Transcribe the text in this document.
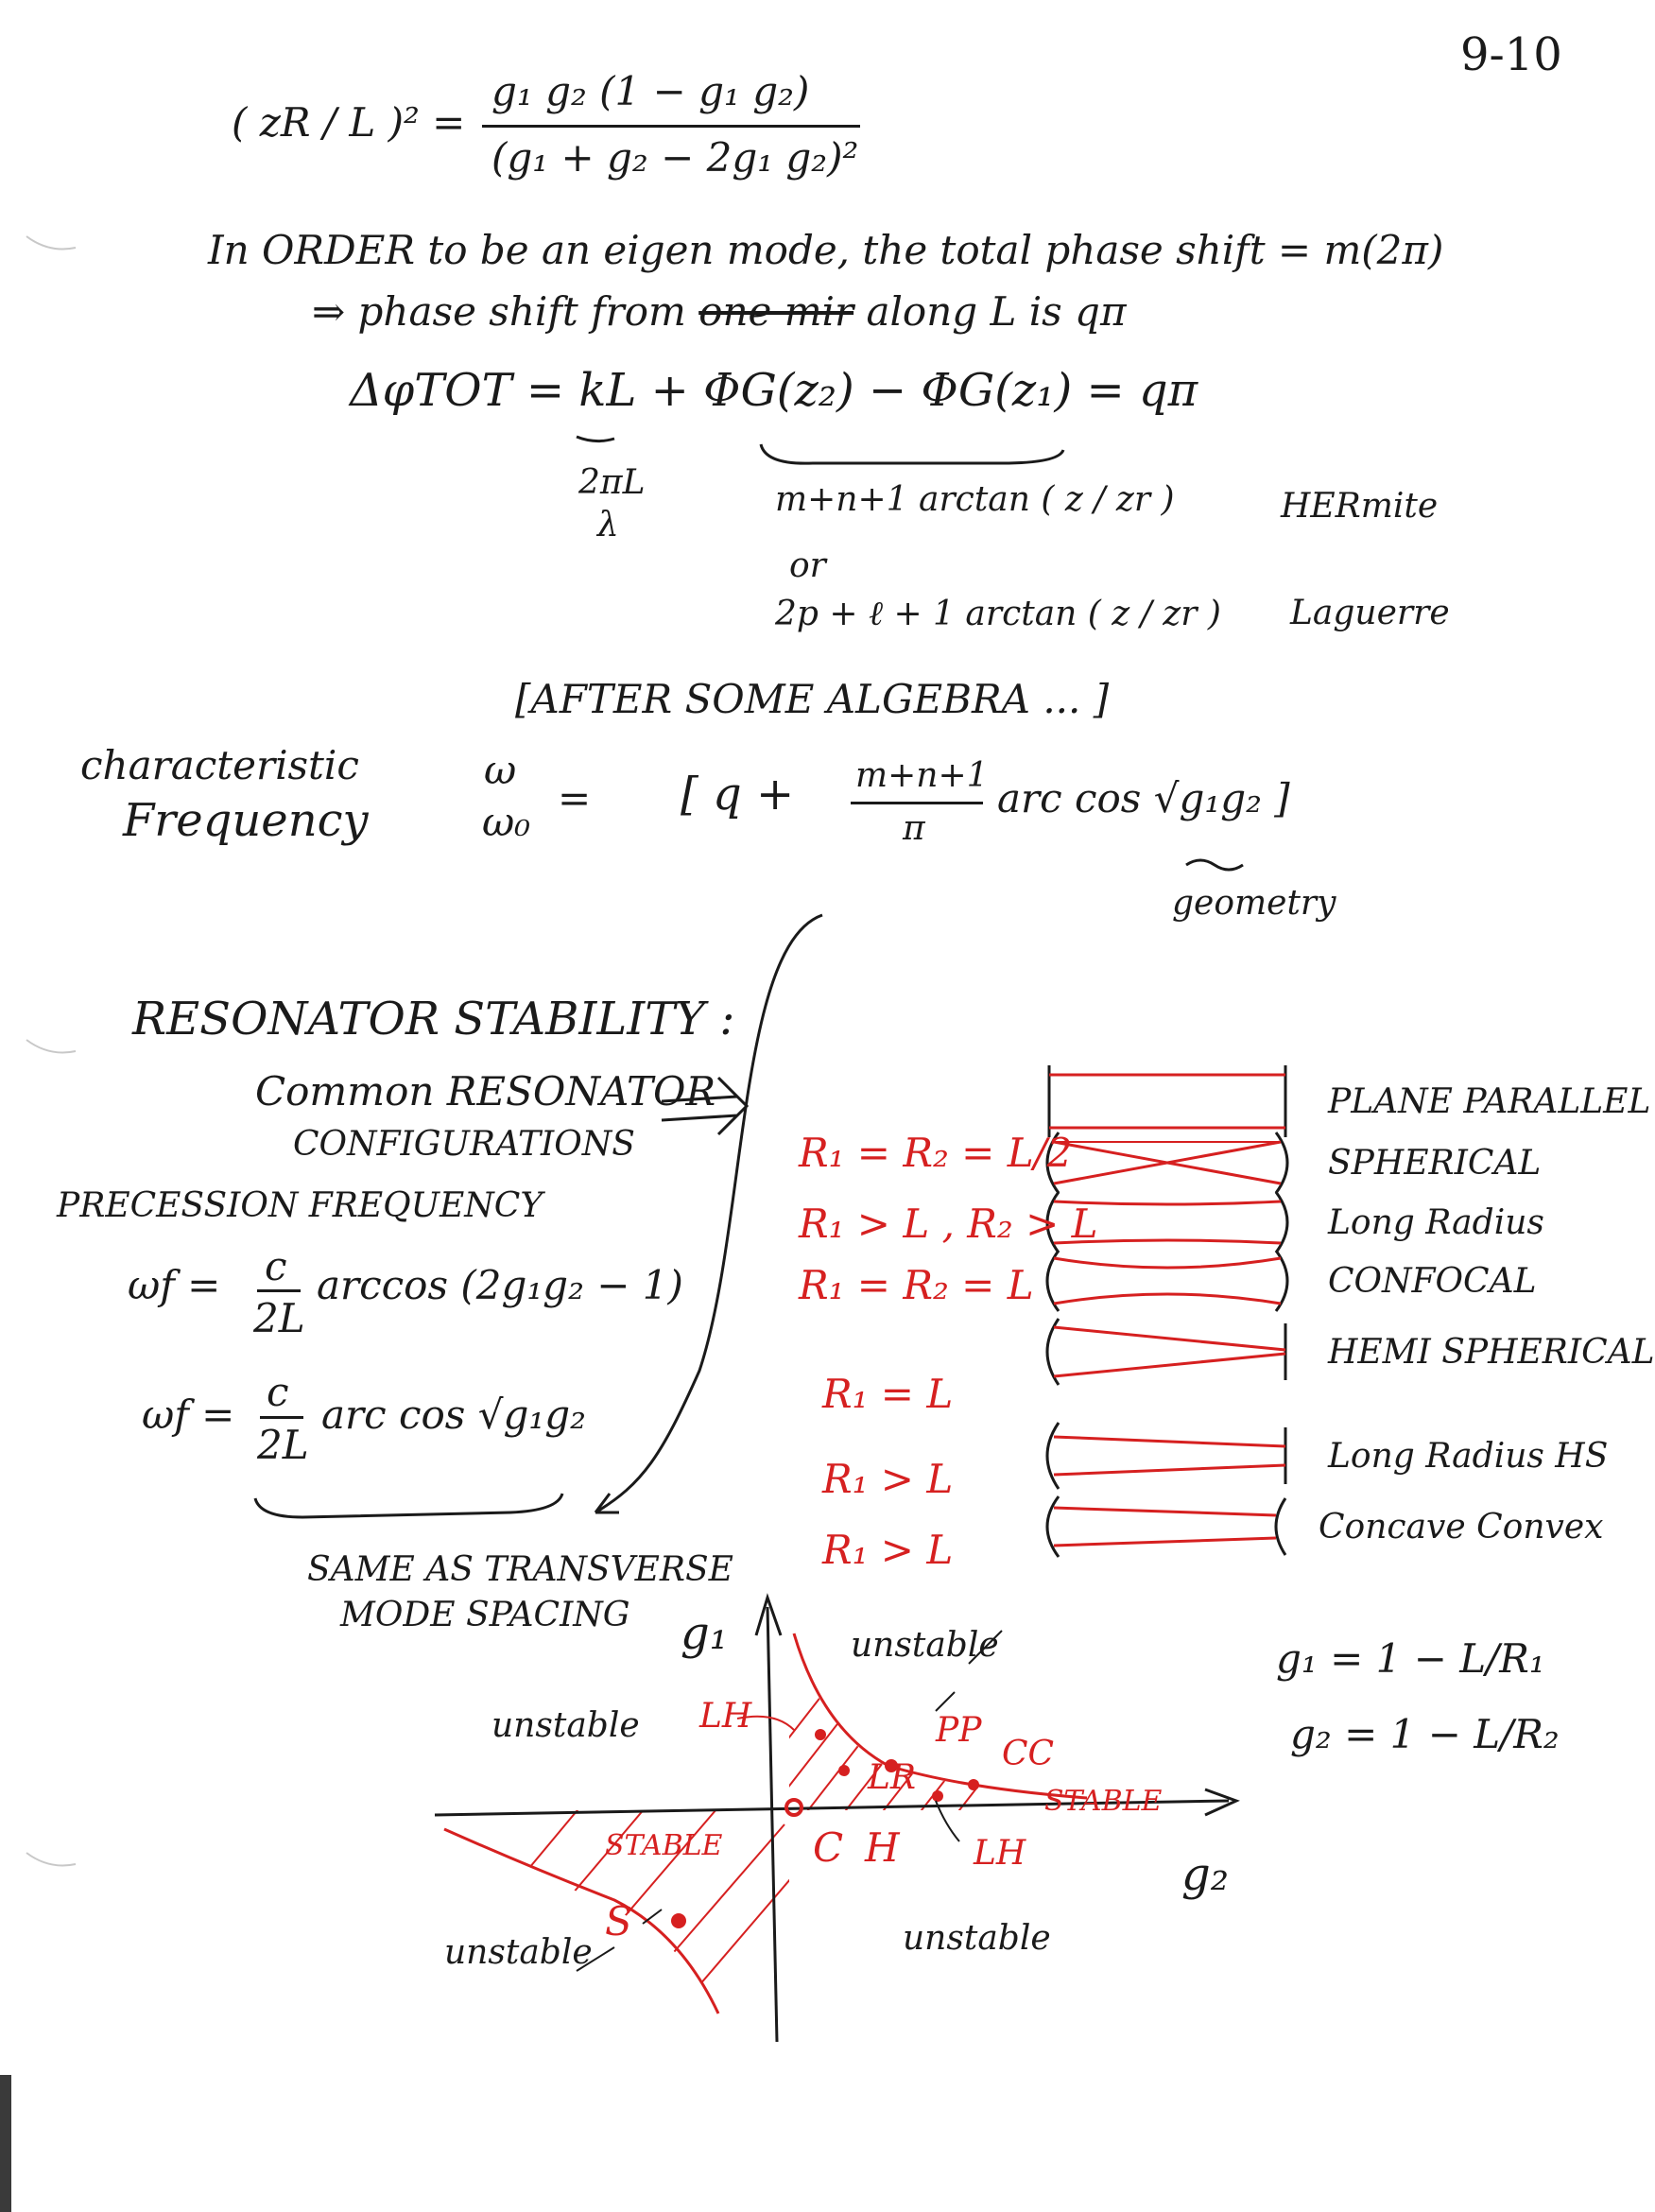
9-10
( zR / L )² =
g₁ g₂ (1 − g₁ g₂)
(g₁ + g₂ − 2g₁ g₂)²
In ORDER to be an eigen mode, the total phase shift = m(2π)
⇒ phase shift from one mir along L is qπ
ΔφTOT = kL + ΦG(z₂) − ΦG(z₁) = qπ
2πL
λ
m+n+1 arctan ( z / zr )	HERmite
or
2p + ℓ + 1 arctan ( z / zr ) Laguerre
[AFTER SOME ALGEBRA ... ]
characteristic
Frequency
ω
ω₀
= [ q + m+n+1
π
arc cos √g₁g₂ ]
geometry
RESONATOR STABILITY :
Common RESONATOR
CONFIGURATIONS
PRECESSION FREQUENCY
ωf = c
2L
arccos (2g₁g₂ − 1)
ωf = c
2L
arc cos √g₁g₂
SAME AS TRANSVERSE
MODE SPACING
PLANE PARALLEL
SPHERICAL
R₁ = R₂ = L/2
Long Radius
R₁ > L , R₂ > L
CONFOCAL
R₁ = R₂ = L
HEMI SPHERICAL
R₁ = L
Long Radius HS
R₁ > L
Concave Convex
R₁ > L
g₁ = 1 − L/R₁
g₂ = 1 − L/R₂
g₁
g₂
unstable
unstable
unstable	unstable
STABLE
STABLE
LH	PP
CC
LR
C H LH
S
